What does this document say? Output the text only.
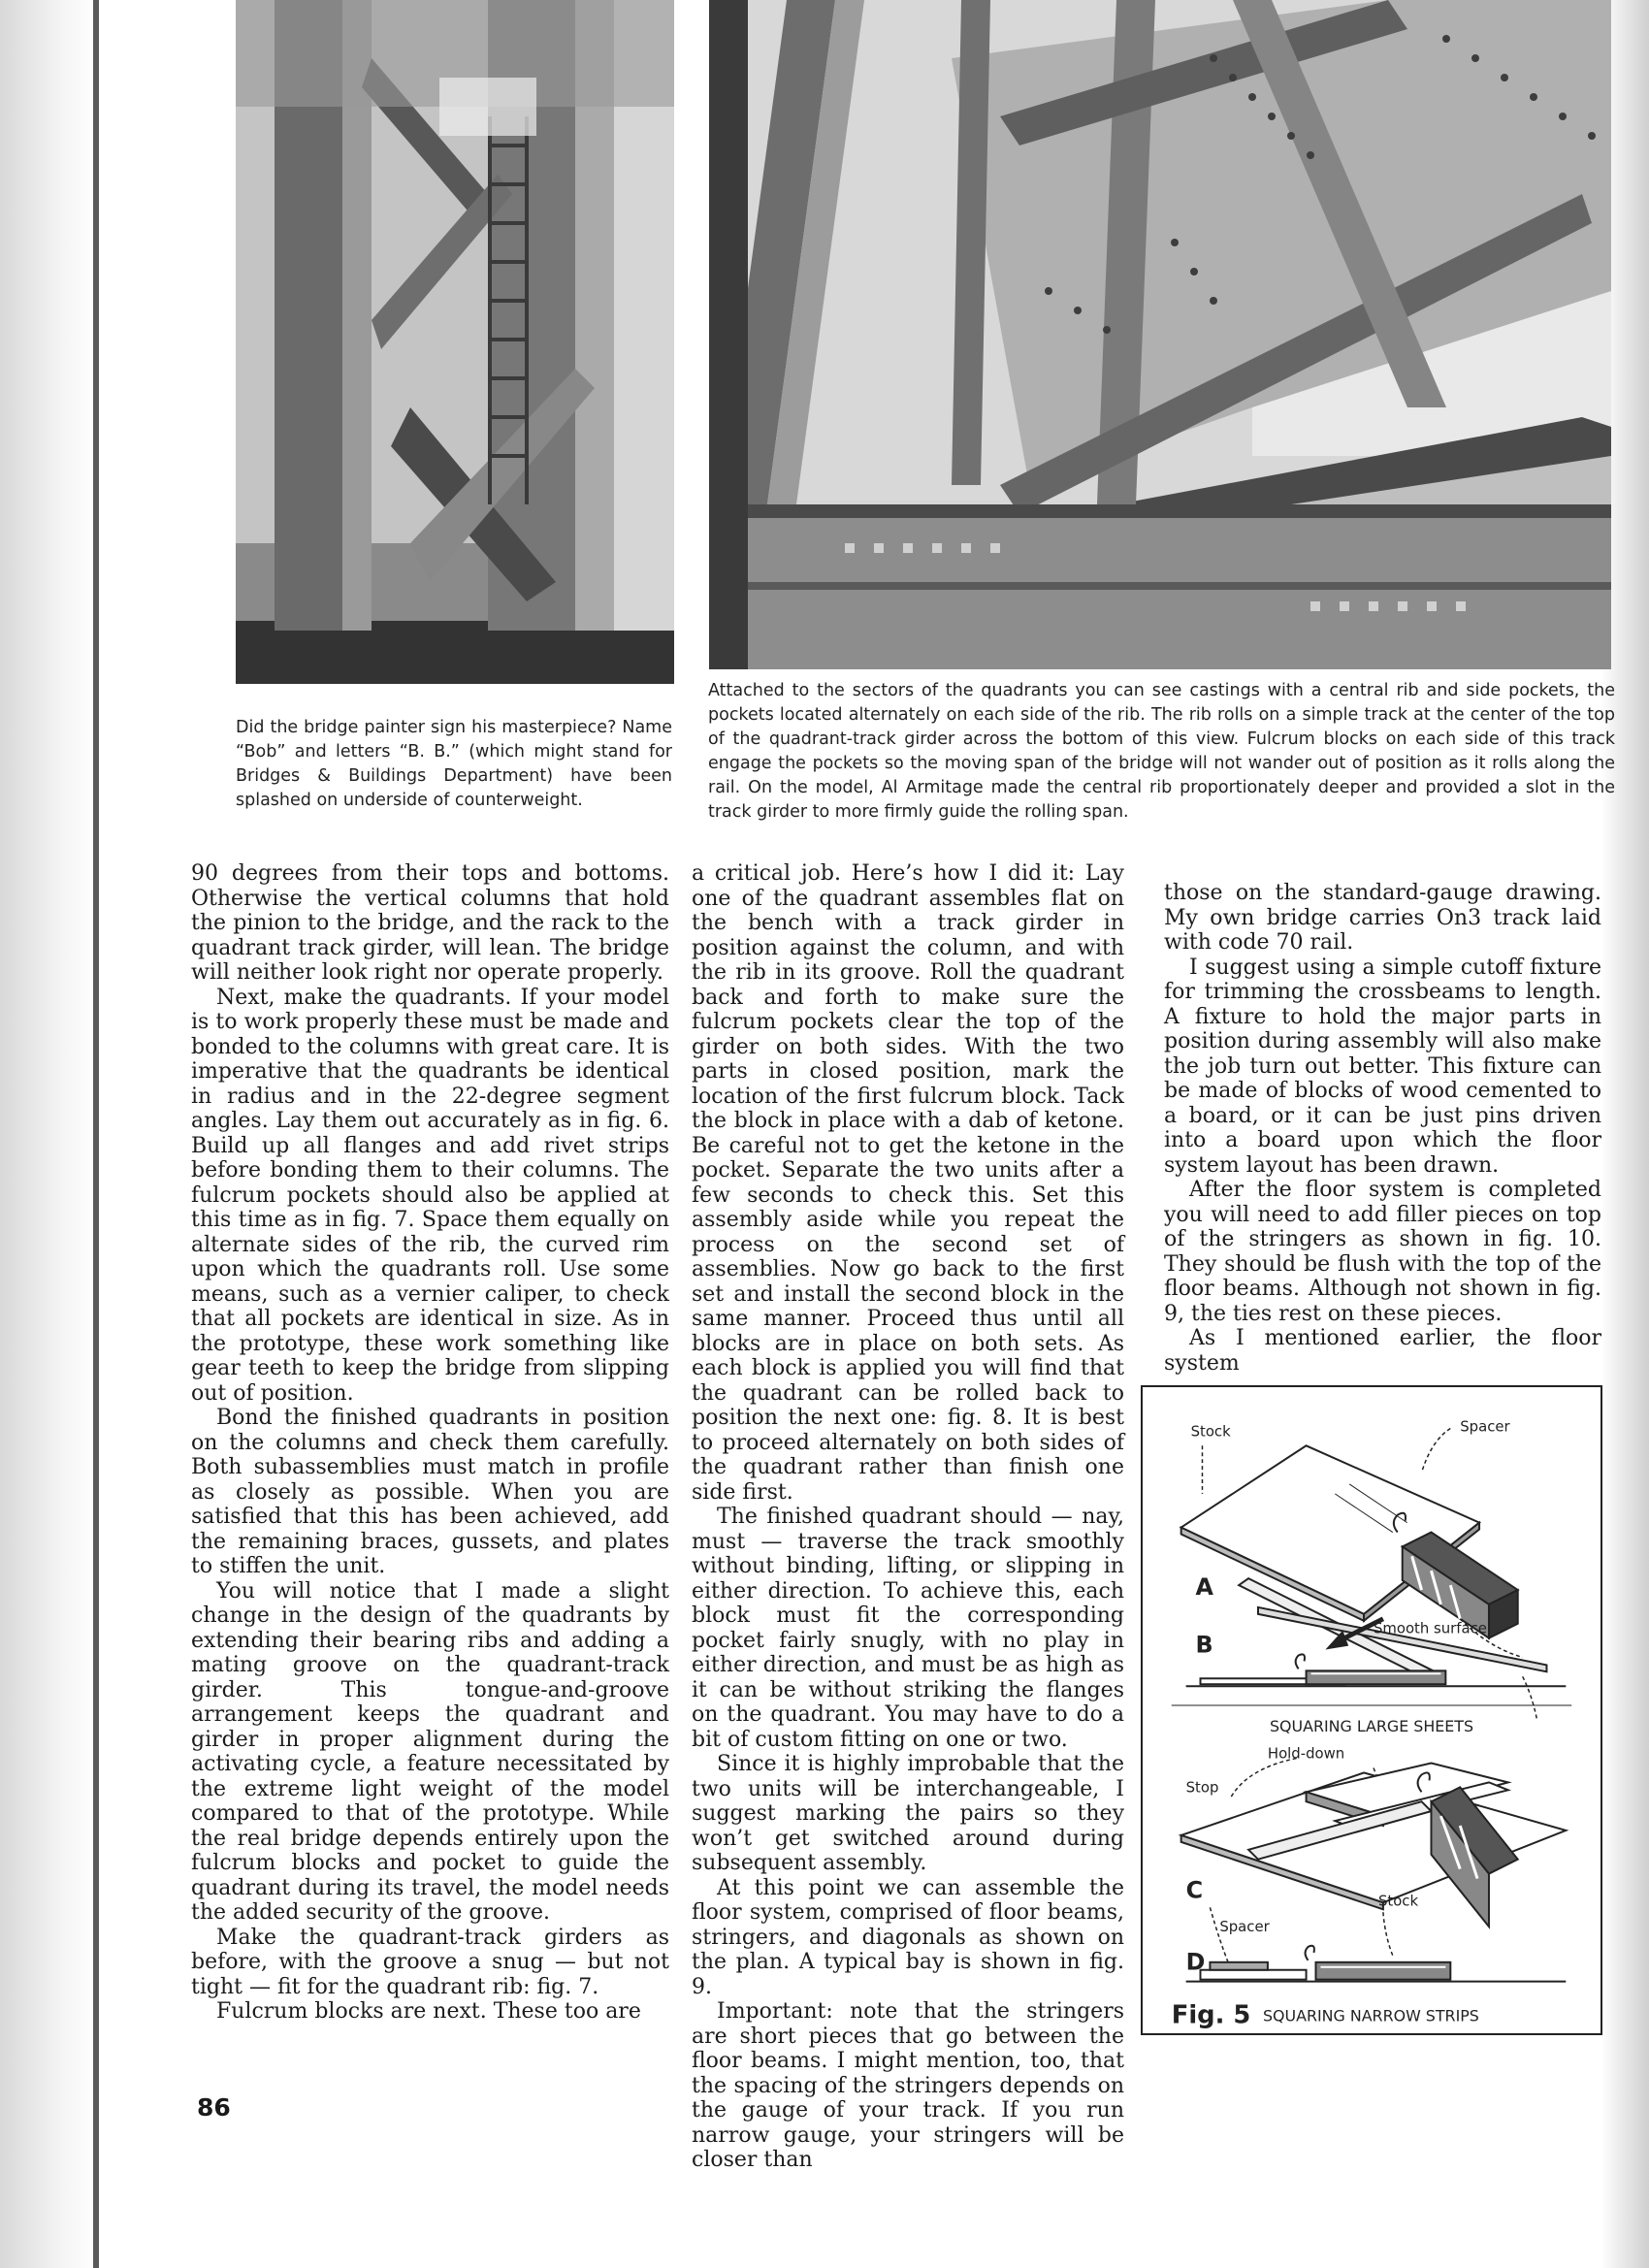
Did the bridge painter sign his masterpiece? Name “Bob” and letters “B. B.” (which might stand for Bridges & Buildings Department) have been splashed on underside of counterweight.
Attached to the sectors of the quadrants you can see castings with a central rib and side pockets, the pockets located alternately on each side of the rib. The rib rolls on a simple track at the center of the top of the quadrant-track girder across the bottom of this view. Fulcrum blocks on each side of this track engage the pockets so the moving span of the bridge will not wander out of position as it rolls along the rail. On the model, Al Armitage made the central rib proportionately deeper and provided a slot in the track girder to more firmly guide the rolling span.

90 degrees from their tops and bottoms. Otherwise the vertical columns that hold the pinion to the bridge, and the rack to the quadrant track girder, will lean. The bridge will neither look right nor operate properly.

Next, make the quadrants. If your model is to work properly these must be made and bonded to the columns with great care. It is imperative that the quadrants be identical in radius and in the 22-degree segment angles. Lay them out accurately as in fig. 6. Build up all flanges and add rivet strips before bonding them to their columns. The fulcrum pockets should also be applied at this time as in fig. 7. Space them equally on alternate sides of the rib, the curved rim upon which the quadrants roll. Use some means, such as a vernier caliper, to check that all pockets are identical in size. As in the prototype, these work something like gear teeth to keep the bridge from slipping out of position.

Bond the finished quadrants in position on the columns and check them carefully. Both subassemblies must match in profile as closely as possible. When you are satisfied that this has been achieved, add the remaining braces, gussets, and plates to stiffen the unit.

You will notice that I made a slight change in the design of the quadrants by extending their bearing ribs and adding a mating groove on the quadrant-track girder. This tongue-and-groove arrangement keeps the quadrant and girder in proper alignment during the activating cycle, a feature necessitated by the extreme light weight of the model compared to that of the prototype. While the real bridge depends entirely upon the fulcrum blocks and pocket to guide the quadrant during its travel, the model needs the added security of the groove.

Make the quadrant-track girders as before, with the groove a snug — but not tight — fit for the quadrant rib: fig. 7.

Fulcrum blocks are next. These too are

a critical job. Here’s how I did it: Lay one of the quadrant assembles flat on the bench with a track girder in position against the column, and with the rib in its groove. Roll the quadrant back and forth to make sure the fulcrum pockets clear the top of the girder on both sides. With the two parts in closed position, mark the location of the first fulcrum block. Tack the block in place with a dab of ketone. Be careful not to get the ketone in the pocket. Separate the two units after a few seconds to check this. Set this assembly aside while you repeat the process on the second set of assemblies. Now go back to the first set and install the second block in the same manner. Proceed thus until all blocks are in place on both sets. As each block is applied you will find that the quadrant can be rolled back to position the next one: fig. 8. It is best to proceed alternately on both sides of the quadrant rather than finish one side first.

The finished quadrant should — nay, must — traverse the track smoothly without binding, lifting, or slipping in either direction. To achieve this, each block must fit the corresponding pocket fairly snugly, with no play in either direction, and must be as high as it can be without striking the flanges on the quadrant. You may have to do a bit of custom fitting on one or two.

Since it is highly improbable that the two units will be interchangeable, I suggest marking the pairs so they won’t get switched around during subsequent assembly.

At this point we can assemble the floor system, comprised of floor beams, stringers, and diagonals as shown on the plan. A typical bay is shown in fig. 9.

Important: note that the stringers are short pieces that go between the floor beams. I might mention, too, that the spacing of the stringers depends on the gauge of your track. If you run narrow gauge, your stringers will be closer than

those on the standard-gauge drawing. My own bridge carries On3 track laid with code 70 rail.

I suggest using a simple cutoff fixture for trimming the crossbeams to length. A fixture to hold the major parts in position during assembly will also make the job turn out better. This fixture can be made of blocks of wood cemented to a board, or it can be just pins driven into a board upon which the floor system layout has been drawn.

After the floor system is completed you will need to add filler pieces on top of the stringers as shown in fig. 10. They should be flush with the top of the floor beams. Although not shown in fig. 9, the ties rest on these pieces.

As I mentioned earlier, the floor system

Stock	Spacer
A
B
Smooth surface
SQUARING LARGE SHEETS
Hold-down
Stop
C	Stock
Spacer
D
Fig. 5 SQUARING NARROW STRIPS
86
